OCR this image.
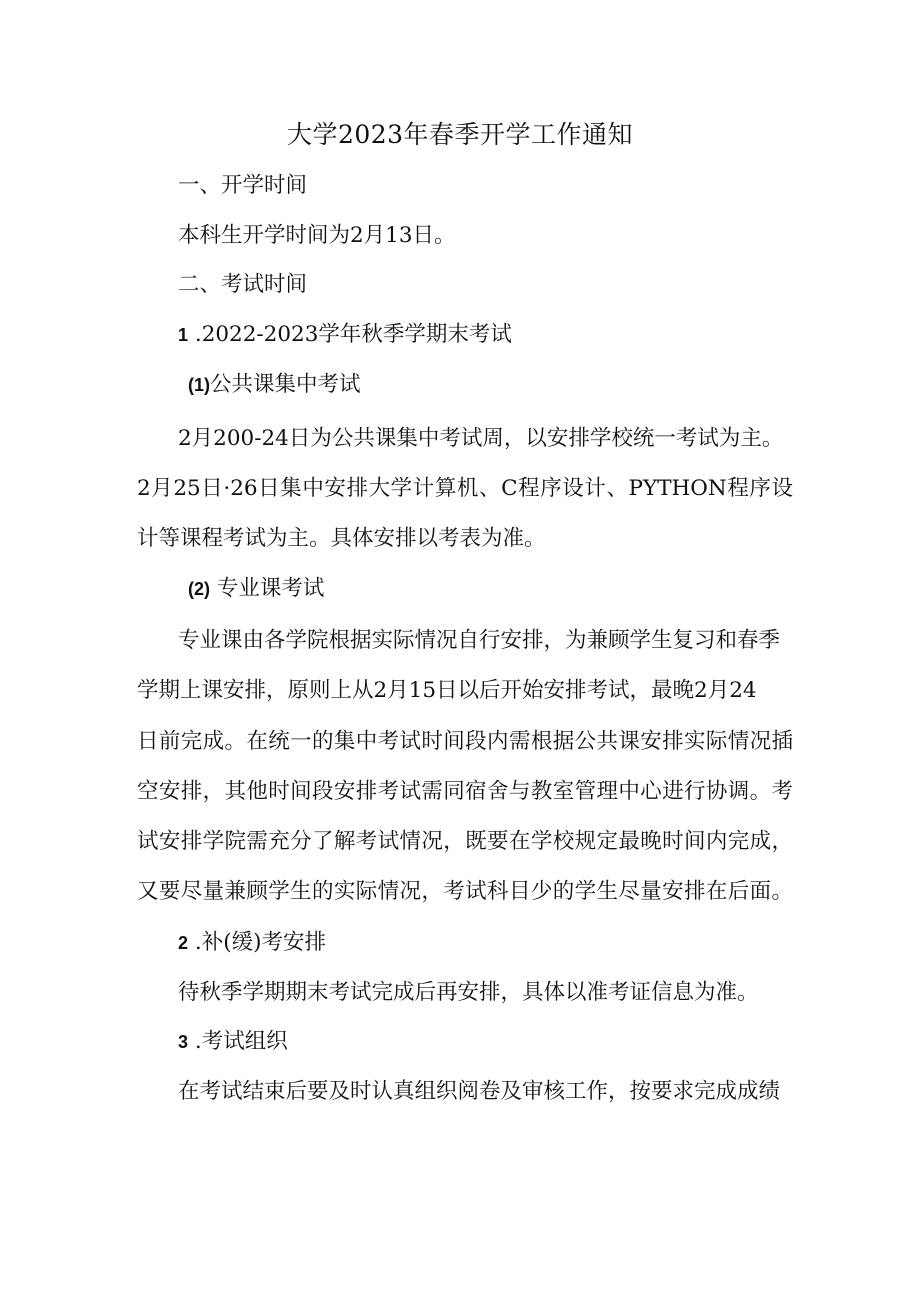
大学2023年春季开学工作通知
一、开学时间
本科生开学时间为2月13日。
二、考试时间
1 .2022-2023学年秋季学期末考试
(1)公共课集中考试
2月200-24日为公共课集中考试周，以安排学校统一考试为主。
2月25日·26日集中安排大学计算机、C程序设计、PYTHON程序设
计等课程考试为主。具体安排以考表为准。
(2) 专业课考试
专业课由各学院根据实际情况自行安排，为兼顾学生复习和春季
学期上课安排，原则上从2月15日以后开始安排考试，最晚2月24
日前完成。在统一的集中考试时间段内需根据公共课安排实际情况插
空安排，其他时间段安排考试需同宿舍与教室管理中心进行协调。考
试安排学院需充分了解考试情况，既要在学校规定最晚时间内完成，
又要尽量兼顾学生的实际情况，考试科目少的学生尽量安排在后面。
2 .补(缓)考安排
待秋季学期期末考试完成后再安排，具体以准考证信息为准。
3 .考试组织
在考试结束后要及时认真组织阅卷及审核工作，按要求完成成绩
